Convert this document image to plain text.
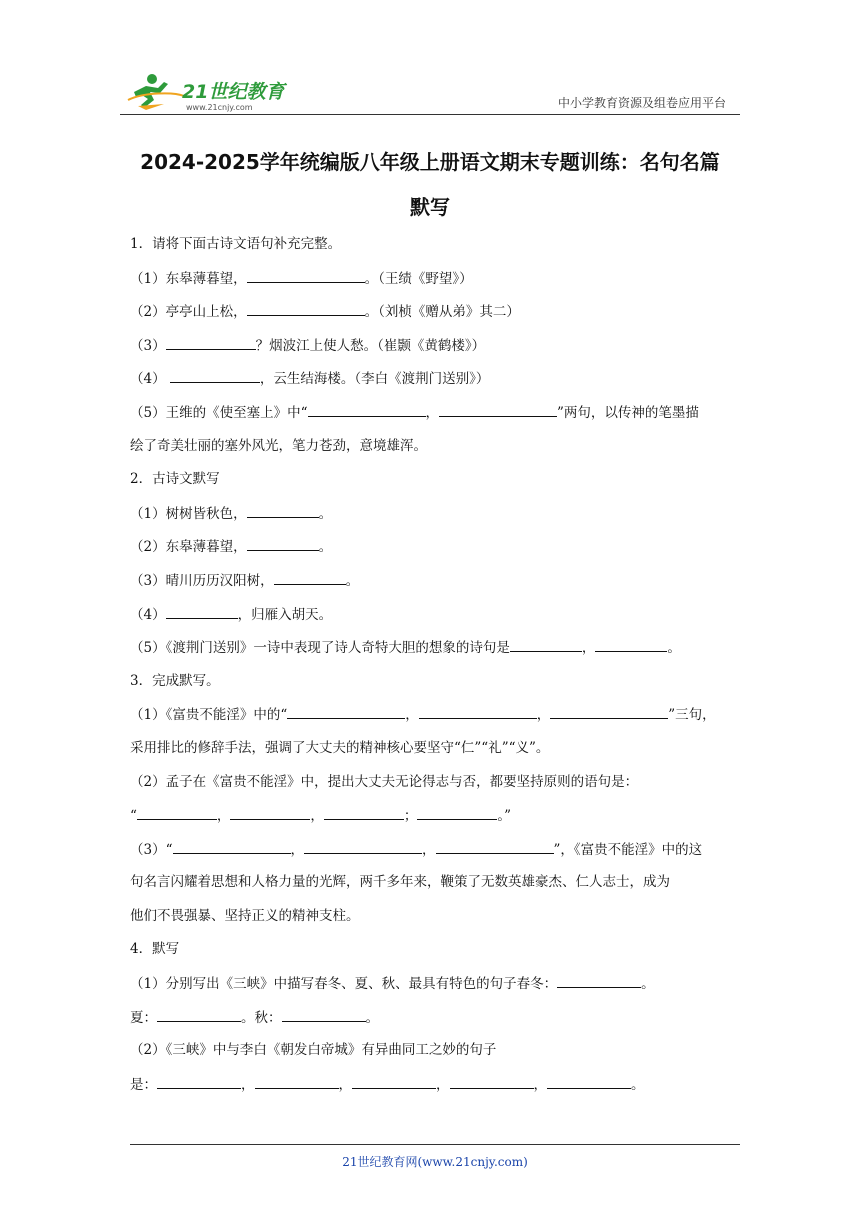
21世纪教育
www.21cnjy.com	中小学教育资源及组卷应用平台
2024-2025学年统编版八年级上册语文期末专题训练：名句名篇
默写
1．请将下面古诗文语句补充完整。
（1）东皋薄暮望，	。（王绩《野望》）
（2）亭亭山上松，	。（刘桢《赠从弟》其二）
（3）	？烟波江上使人愁。（崔颢《黄鹤楼》）
（4）	，云生结海楼。（李白《渡荆门送别》）
（5）王维的《使至塞上》中“	，	”两句，以传神的笔墨描
绘了奇美壮丽的塞外风光，笔力苍劲，意境雄浑。
2．古诗文默写
（1）树树皆秋色，	。
（2）东皋薄暮望，	。
（3）晴川历历汉阳树，	。
（4）	，归雁入胡天。
（5）《渡荆门送别》一诗中表现了诗人奇特大胆的想象的诗句是	，	。
3．完成默写。
（1）《富贵不能淫》中的“	，	，	”三句，
采用排比的修辞手法，强调了大丈夫的精神核心要坚守“仁”“礼”“义”。
（2）孟子在《富贵不能淫》中，提出大丈夫无论得志与否，都要坚持原则的语句是：
“	，	，	；	。”
（3）“	，	，	”，《富贵不能淫》中的这
句名言闪耀着思想和人格力量的光辉，两千多年来，鞭策了无数英雄豪杰、仁人志士，成为
他们不畏强暴、坚持正义的精神支柱。
4．默写
（1）分别写出《三峡》中描写春冬、夏、秋、最具有特色的句子春冬：	。
夏：	。秋：	。
（2）《三峡》中与李白《朝发白帝城》有异曲同工之妙的句子
是：	，	，	，	，	。
21世纪教育网(www.21cnjy.com)
